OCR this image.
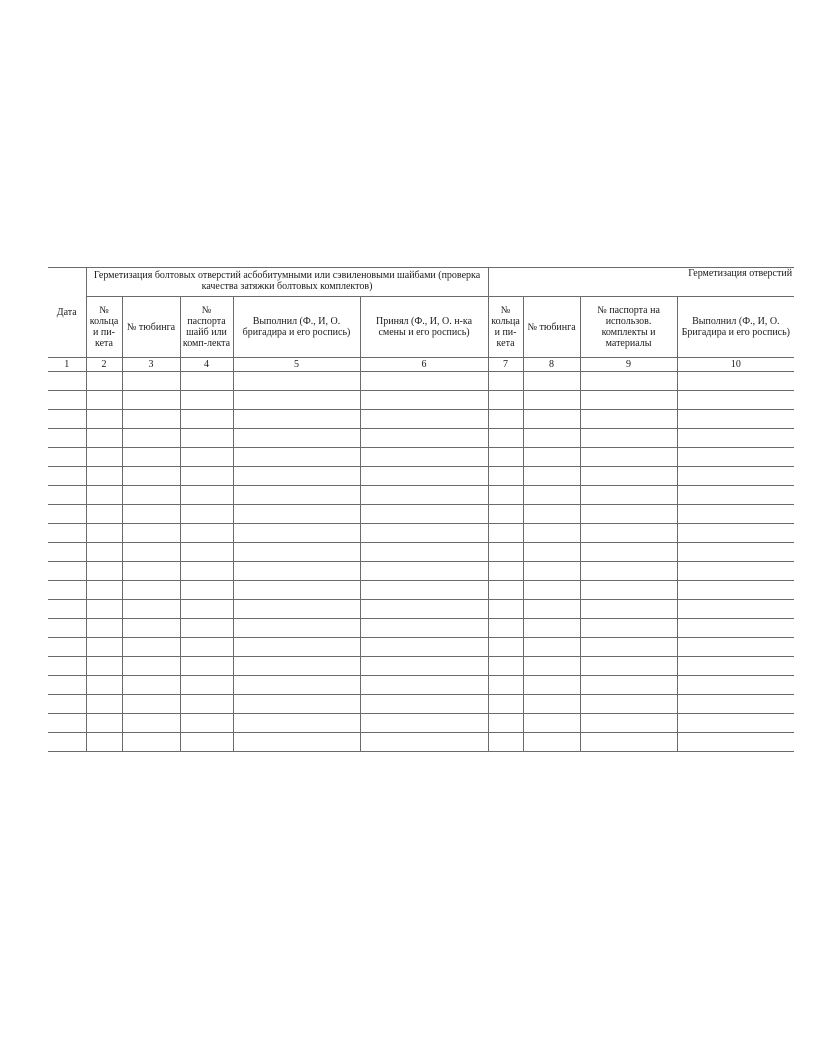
Дата	Герметизация болтовых отверстий асбобитумными или сэвиленовыми шайбами (проверка качества затяжки болтовых комплектов)					Герметизация отверстий			
	№ кольца и пи-кета	№ тюбинга	№ паспорта шайб или комп-лекта	Выполнил (Ф., И, О. бригадира и его роспись)	Принял (Ф., И, О. н-ка смены и его роспись)	№ кольца и пи-кета	№ тюбинга	№ паспорта на использов. комплекты и материалы	Выполнил (Ф., И, О. Бригадира и его роспись)
1	2	3	4	5	6	7	8	9	10
